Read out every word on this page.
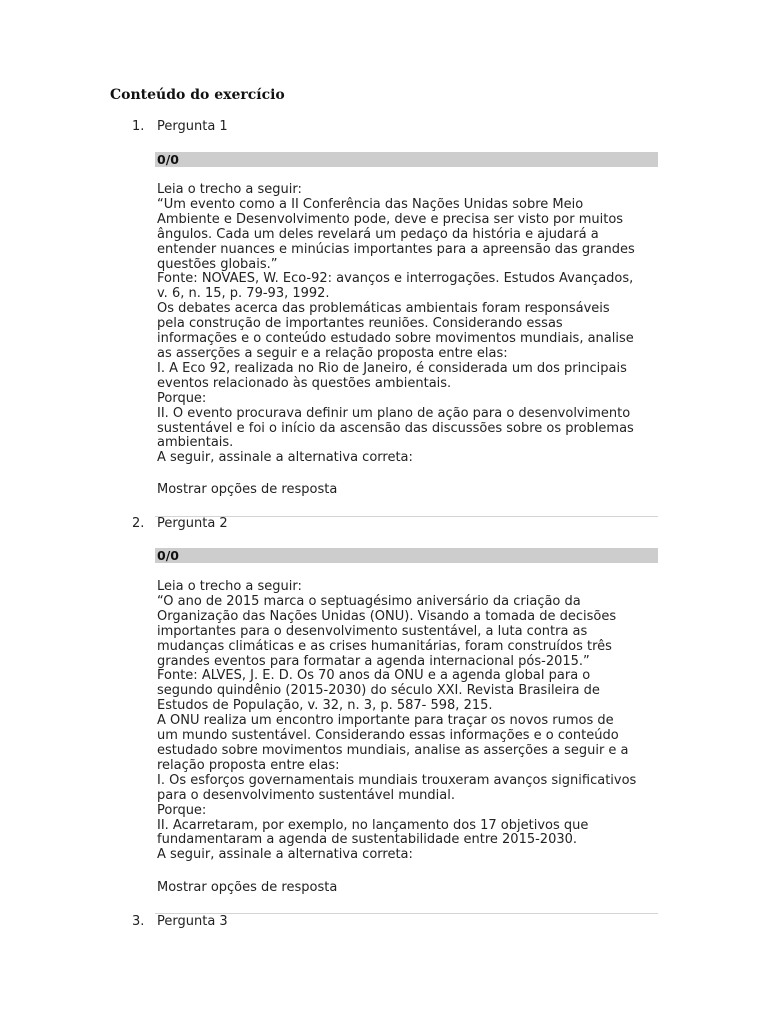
Conteúdo do exercício
1. Pergunta 1
0/0
Leia o trecho a seguir:
“Um evento como a II Conferência das Nações Unidas sobre Meio
Ambiente e Desenvolvimento pode, deve e precisa ser visto por muitos
ângulos. Cada um deles revelará um pedaço da história e ajudará a
entender nuances e minúcias importantes para a apreensão das grandes
questões globais.”
Fonte: NOVAES, W. Eco-92: avanços e interrogações. Estudos Avançados,
v. 6, n. 15, p. 79-93, 1992.
Os debates acerca das problemáticas ambientais foram responsáveis
pela construção de importantes reuniões. Considerando essas
informações e o conteúdo estudado sobre movimentos mundiais, analise
as asserções a seguir e a relação proposta entre elas:
I. A Eco 92, realizada no Rio de Janeiro, é considerada um dos principais
eventos relacionado às questões ambientais.
Porque:
II. O evento procurava definir um plano de ação para o desenvolvimento
sustentável e foi o início da ascensão das discussões sobre os problemas
ambientais.
A seguir, assinale a alternativa correta:
Mostrar opções de resposta
2. Pergunta 2
0/0
Leia o trecho a seguir:
“O ano de 2015 marca o septuagésimo aniversário da criação da
Organização das Nações Unidas (ONU). Visando a tomada de decisões
importantes para o desenvolvimento sustentável, a luta contra as
mudanças climáticas e as crises humanitárias, foram construídos três
grandes eventos para formatar a agenda internacional pós-2015.”
Fonte: ALVES, J. E. D. Os 70 anos da ONU e a agenda global para o
segundo quindênio (2015-2030) do século XXI. Revista Brasileira de
Estudos de População, v. 32, n. 3, p. 587- 598, 215.
A ONU realiza um encontro importante para traçar os novos rumos de
um mundo sustentável. Considerando essas informações e o conteúdo
estudado sobre movimentos mundiais, analise as asserções a seguir e a
relação proposta entre elas:
I. Os esforços governamentais mundiais trouxeram avanços significativos
para o desenvolvimento sustentável mundial.
Porque:
II. Acarretaram, por exemplo, no lançamento dos 17 objetivos que
fundamentaram a agenda de sustentabilidade entre 2015-2030.
A seguir, assinale a alternativa correta:
Mostrar opções de resposta
3. Pergunta 3
